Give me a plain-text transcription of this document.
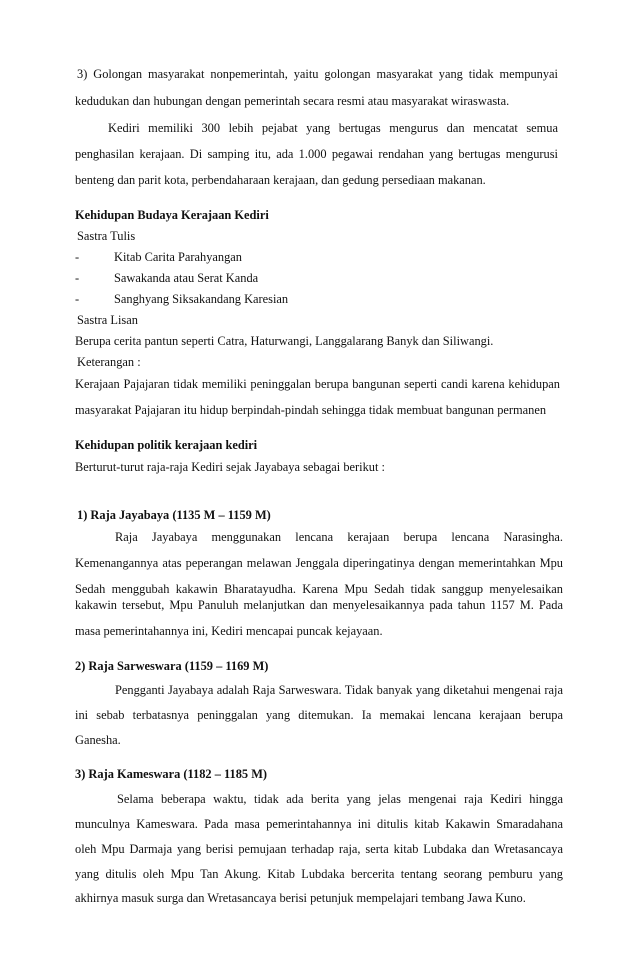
3) Golongan masyarakat nonpemerintah, yaitu golongan masyarakat yang tidak mempunyai
kedudukan dan hubungan dengan pemerintah secara resmi atau masyarakat wiraswasta.
Kediri memiliki 300 lebih pejabat yang bertugas mengurus dan mencatat semua
penghasilan kerajaan. Di samping itu, ada 1.000 pegawai rendahan yang bertugas mengurusi
benteng dan parit kota, perbendaharaan kerajaan, dan gedung persediaan makanan.
Kehidupan Budaya Kerajaan Kediri
Sastra Tulis
-	Kitab Carita Parahyangan
-	Sawakanda atau Serat Kanda
-	Sanghyang Siksakandang Karesian
Sastra Lisan
Berupa cerita pantun seperti Catra, Haturwangi, Langgalarang Banyk dan Siliwangi.
Keterangan :
Kerajaan Pajajaran tidak memiliki peninggalan berupa bangunan seperti candi karena kehidupan
masyarakat Pajajaran itu hidup berpindah-pindah sehingga tidak membuat bangunan permanen
Kehidupan politik kerajaan kediri
Berturut-turut raja-raja Kediri sejak Jayabaya sebagai berikut :
1) Raja Jayabaya (1135 M – 1159 M)
Raja Jayabaya menggunakan lencana kerajaan berupa lencana Narasingha.
Kemenangannya atas peperangan melawan Jenggala diperingatinya dengan memerintahkan Mpu
Sedah menggubah kakawin Bharatayudha. Karena Mpu Sedah tidak sanggup menyelesaikan
kakawin tersebut, Mpu Panuluh melanjutkan dan menyelesaikannya pada tahun 1157 M. Pada
masa pemerintahannya ini, Kediri mencapai puncak kejayaan.
2) Raja Sarweswara (1159 – 1169 M)
Pengganti Jayabaya adalah Raja Sarweswara. Tidak banyak yang diketahui mengenai raja
ini sebab terbatasnya peninggalan yang ditemukan. Ia memakai lencana kerajaan berupa
Ganesha.
3) Raja Kameswara (1182 – 1185 M)
Selama beberapa waktu, tidak ada berita yang jelas mengenai raja Kediri hingga
munculnya Kameswara. Pada masa pemerintahannya ini ditulis kitab Kakawin Smaradahana
oleh Mpu Darmaja yang berisi pemujaan terhadap raja, serta kitab Lubdaka dan Wretasancaya
yang ditulis oleh Mpu Tan Akung. Kitab Lubdaka bercerita tentang seorang pemburu yang
akhirnya masuk surga dan Wretasancaya berisi petunjuk mempelajari tembang Jawa Kuno.
